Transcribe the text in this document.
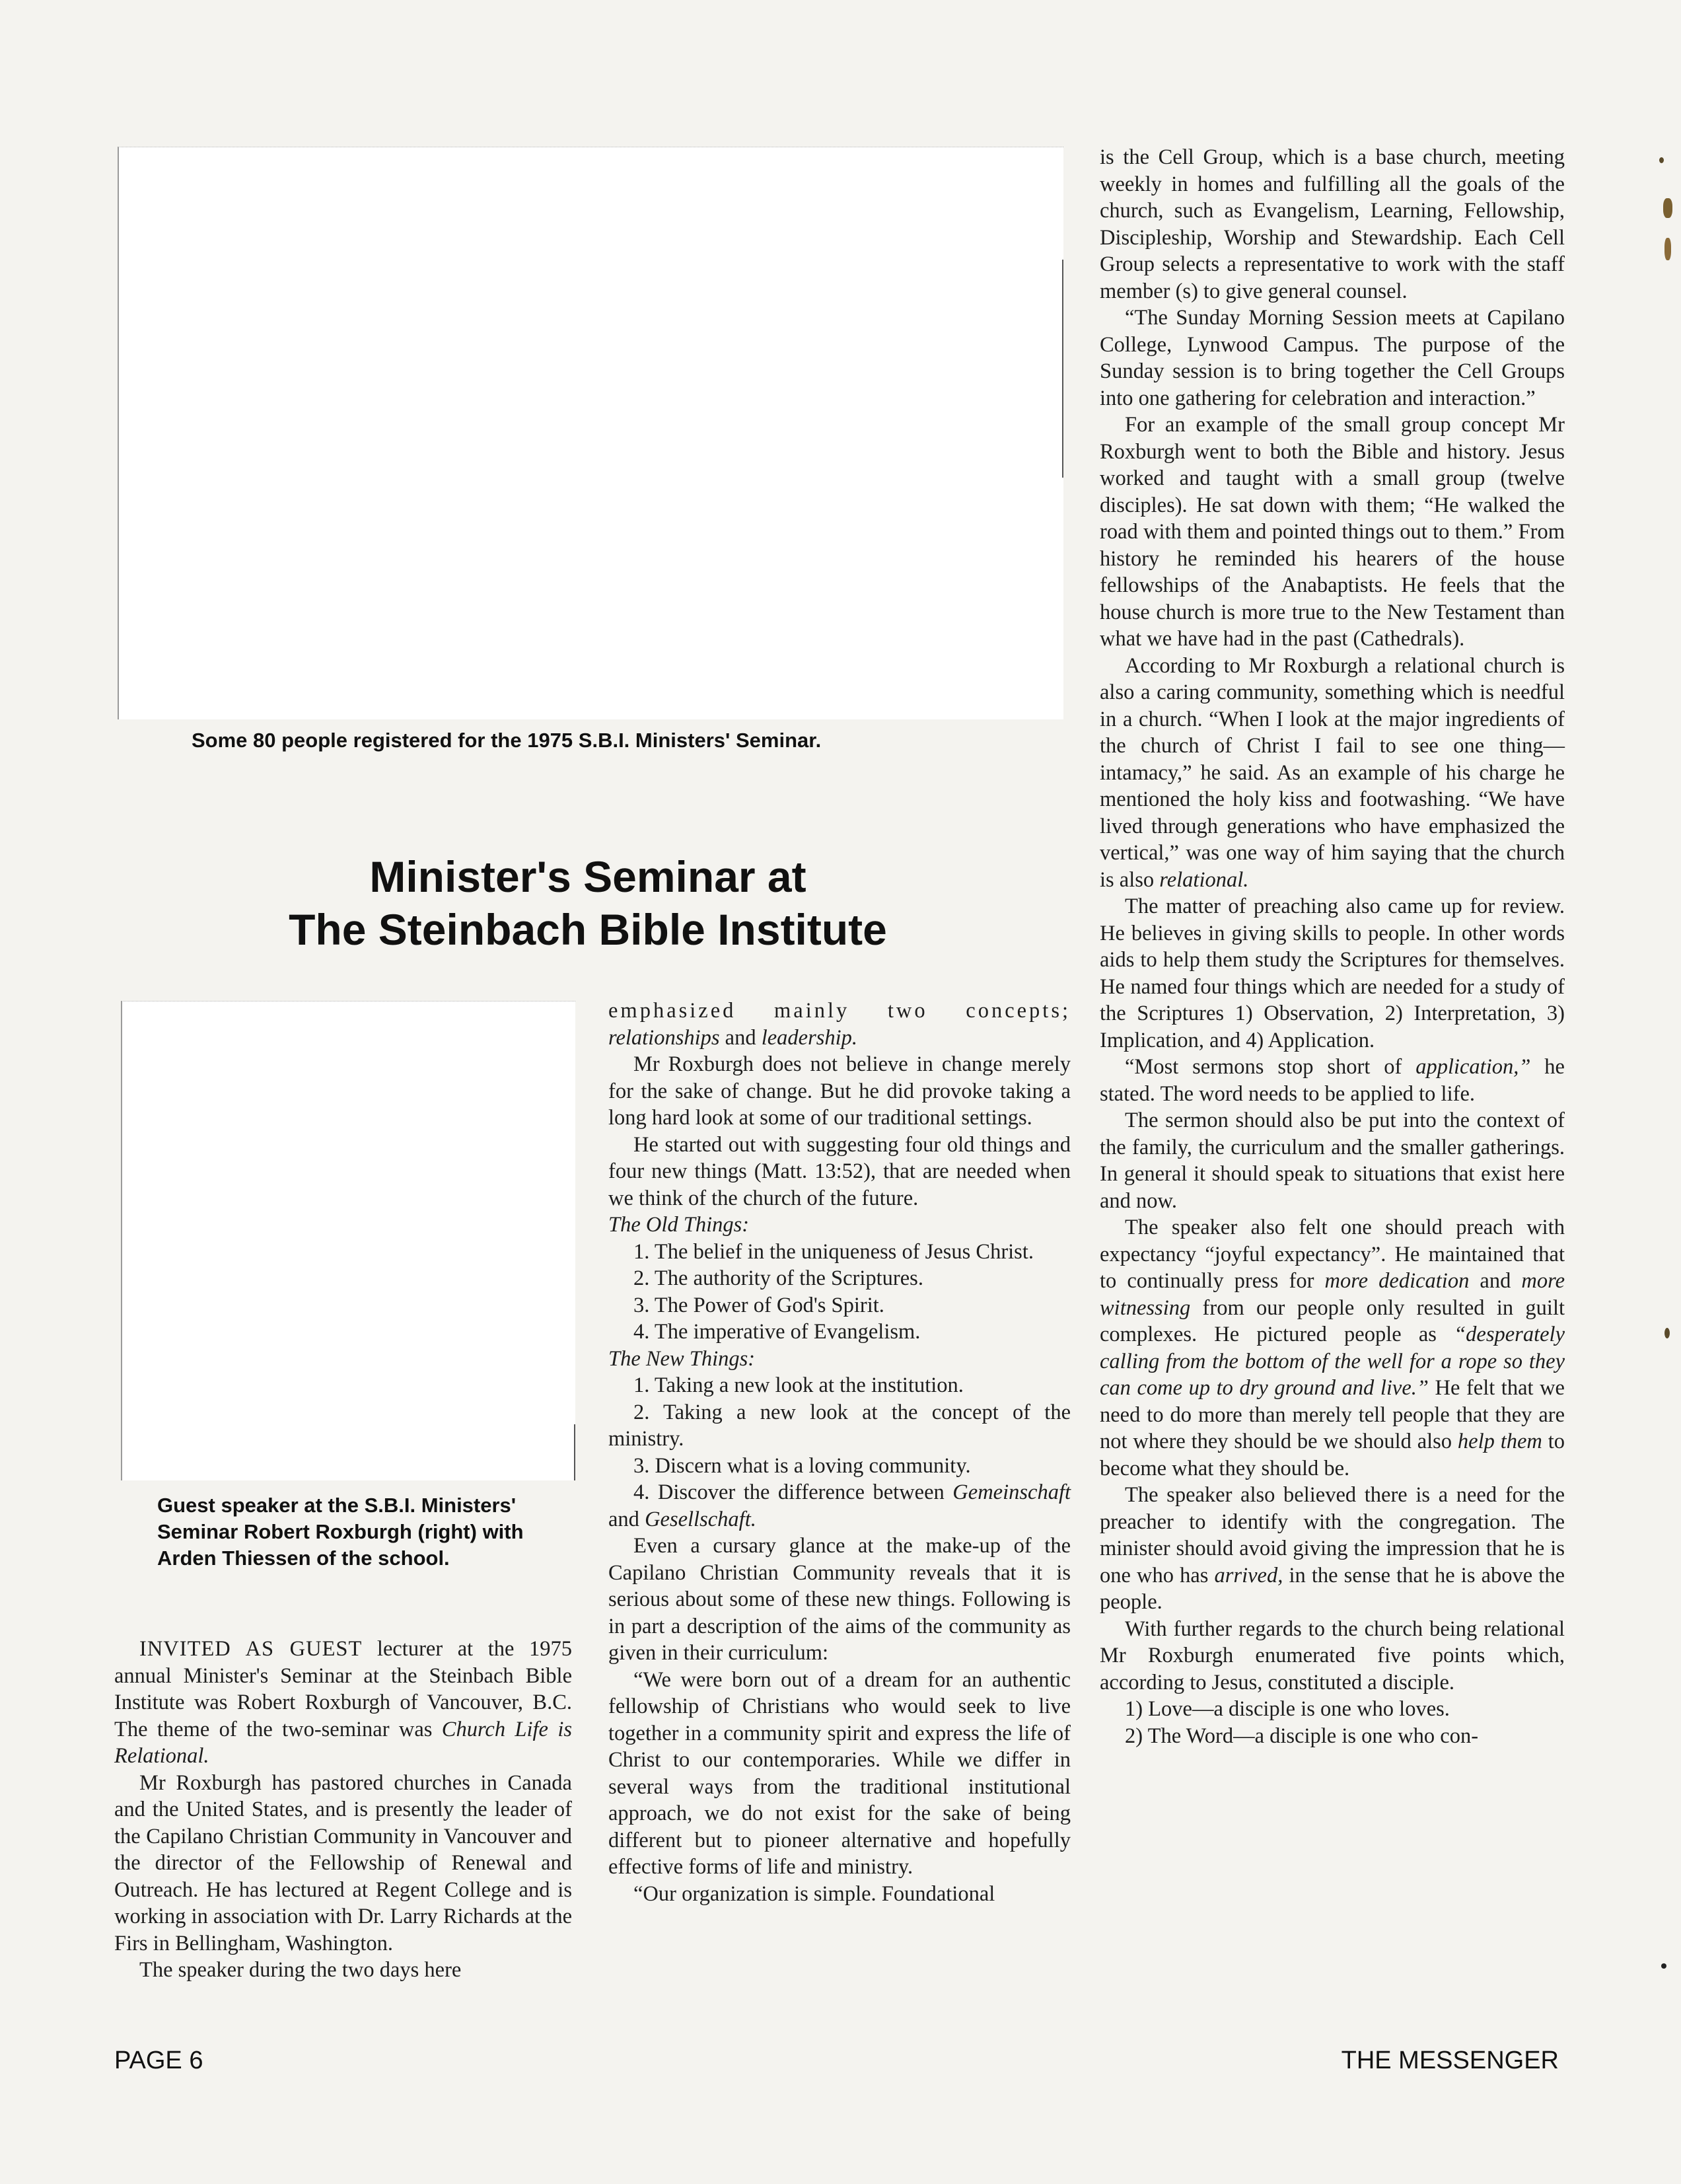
Some 80 people registered for the 1975 S.B.I. Ministers' Seminar.
Minister's Seminar at
The Steinbach Bible Institute
Guest speaker at the S.B.I. Ministers'
Seminar Robert Roxburgh (right) with
Arden Thiessen of the school.

INVITED AS GUEST lecturer at the 1975 annual Minister's Seminar at the Steinbach Bible Institute was Robert Roxburgh of Vancouver, B.C. The theme of the two-seminar was Church Life is Relational.

Mr Roxburgh has pastored churches in Canada and the United States, and is presently the leader of the Capilano Christian Community in Vancouver and the director of the Fellowship of Renewal and Outreach. He has lectured at Regent College and is working in association with Dr. Larry Richards at the Firs in Bellingham, Washington.

The speaker during the two days here

emphasized mainly two concepts; relationships and leadership.

Mr Roxburgh does not believe in change merely for the sake of change. But he did provoke taking a long hard look at some of our traditional settings.

He started out with suggesting four old things and four new things (Matt. 13:52), that are needed when we think of the church of the future.

The Old Things:

1. The belief in the uniqueness of Jesus Christ.

2. The authority of the Scriptures.

3. The Power of God's Spirit.

4. The imperative of Evangelism.

The New Things:

1. Taking a new look at the institution.

2. Taking a new look at the concept of the ministry.

3. Discern what is a loving community.

4. Discover the difference between Gemeinschaft and Gesellschaft.

Even a cursary glance at the make-up of the Capilano Christian Community reveals that it is serious about some of these new things. Following is in part a description of the aims of the community as given in their curriculum:

“We were born out of a dream for an authentic fellowship of Christians who would seek to live together in a community spirit and express the life of Christ to our contemporaries. While we differ in several ways from the traditional institutional approach, we do not exist for the sake of being different but to pioneer alternative and hopefully effective forms of life and ministry.

“Our organization is simple. Foundational

is the Cell Group, which is a base church, meeting weekly in homes and fulfilling all the goals of the church, such as Evangelism, Learning, Fellowship, Discipleship, Worship and Stewardship. Each Cell Group selects a representative to work with the staff member (s) to give general counsel.

“The Sunday Morning Session meets at Capilano College, Lynwood Campus. The purpose of the Sunday session is to bring together the Cell Groups into one gathering for celebration and interaction.”

For an example of the small group concept Mr Roxburgh went to both the Bible and history. Jesus worked and taught with a small group (twelve disciples). He sat down with them; “He walked the road with them and pointed things out to them.” From history he reminded his hearers of the house fellowships of the Anabaptists. He feels that the house church is more true to the New Testament than what we have had in the past (Cathedrals).

According to Mr Roxburgh a relational church is also a caring community, something which is needful in a church. “When I look at the major ingredients of the church of Christ I fail to see one thing—intamacy,” he said. As an example of his charge he mentioned the holy kiss and footwashing. “We have lived through generations who have emphasized the vertical,” was one way of him saying that the church is also relational.

The matter of preaching also came up for review. He believes in giving skills to people. In other words aids to help them study the Scriptures for themselves. He named four things which are needed for a study of the Scriptures 1) Observation, 2) Interpretation, 3) Implication, and 4) Application.

“Most sermons stop short of application,” he stated. The word needs to be applied to life.

The sermon should also be put into the context of the family, the curriculum and the smaller gatherings. In general it should speak to situations that exist here and now.

The speaker also felt one should preach with expectancy “joyful expectancy”. He maintained that to continually press for more dedication and more witnessing from our people only resulted in guilt complexes. He pictured people as “desperately calling from the bottom of the well for a rope so they can come up to dry ground and live.” He felt that we need to do more than merely tell people that they are not where they should be we should also help them to become what they should be.

The speaker also believed there is a need for the preacher to identify with the congregation. The minister should avoid giving the impression that he is one who has arrived, in the sense that he is above the people.

With further regards to the church being relational Mr Roxburgh enumerated five points which, according to Jesus, constituted a disciple.

1) Love—a disciple is one who loves.

2) The Word—a disciple is one who con-

PAGE 6	THE MESSENGER
